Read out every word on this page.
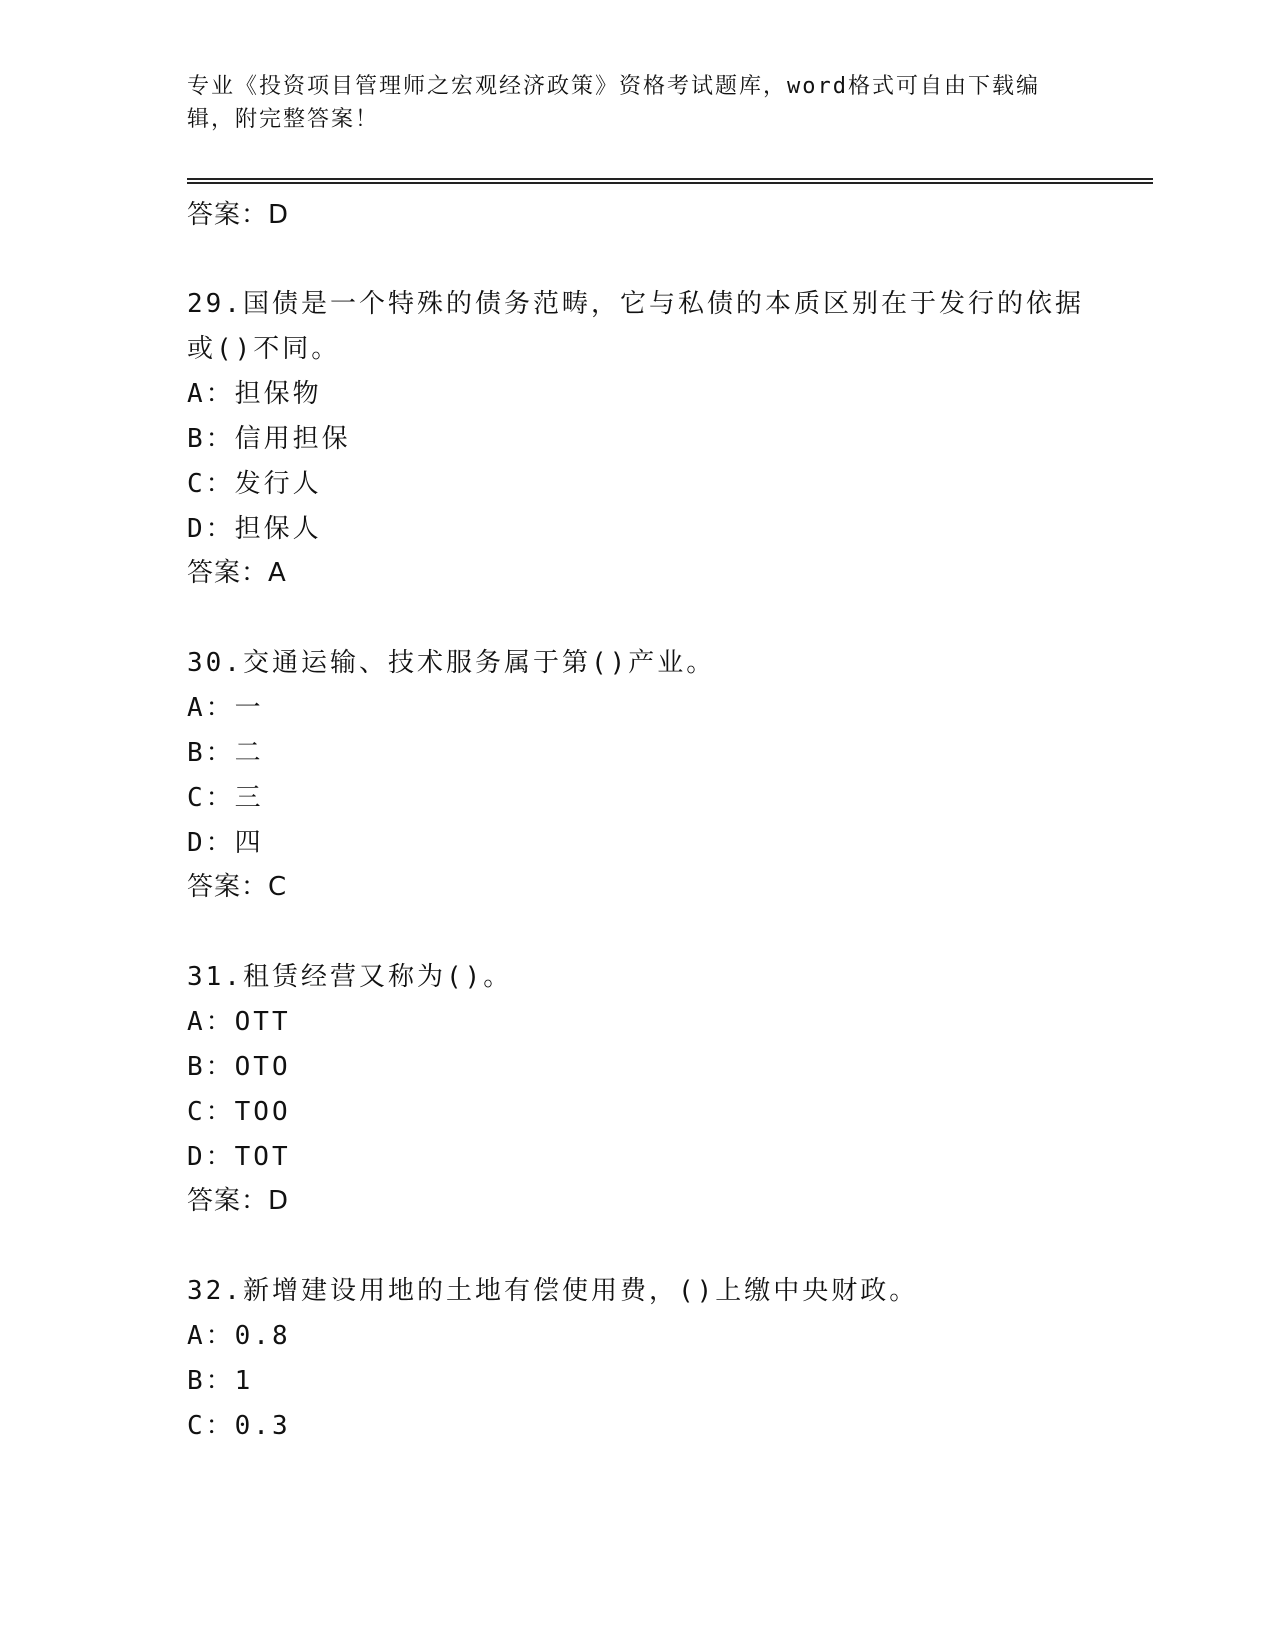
专业《投资项目管理师之宏观经济政策》资格考试题库，word格式可自由下载编
辑，附完整答案！
答案：D
29.国债是一个特殊的债务范畴，它与私债的本质区别在于发行的依据
或()不同。
A：担保物
B：信用担保
C：发行人
D：担保人
答案：A
30.交通运输、技术服务属于第()产业。
A：一
B：二
C：三
D：四
答案：C
31.租赁经营又称为()。
A：OTT
B：OTO
C：TOO
D：TOT
答案：D
32.新增建设用地的土地有偿使用费，()上缴中央财政。
A：0.8
B：1
C：0.3
